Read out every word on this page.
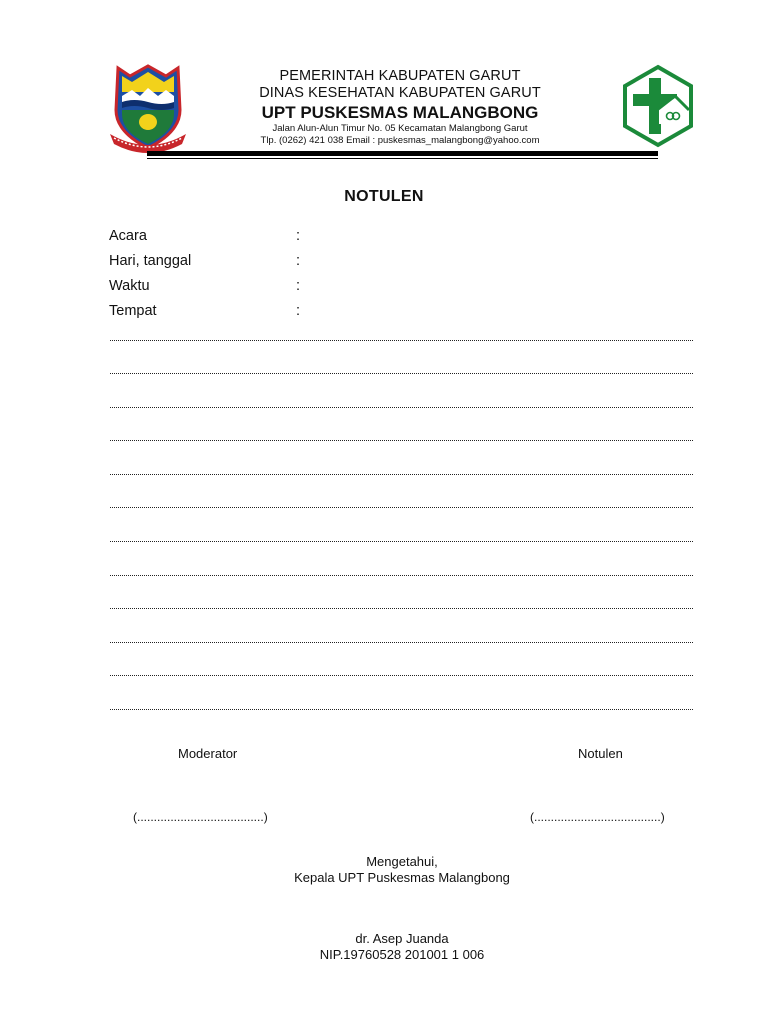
PEMERINTAH KABUPATEN GARUT
DINAS KESEHATAN KABUPATEN GARUT
UPT PUSKESMAS MALANGBONG
Jalan Alun-Alun Timur No. 05 Kecamatan Malangbong Garut
Tlp. (0262) 421 038 Email : puskesmas_malangbong@yahoo.com
NOTULEN
Acara	:
Hari, tanggal	:
Waktu	:
Tempat	:
Moderator	Notulen
(......................................)	(......................................)
Mengetahui,
Kepala UPT Puskesmas Malangbong
dr. Asep Juanda
NIP.19760528 201001 1 006
